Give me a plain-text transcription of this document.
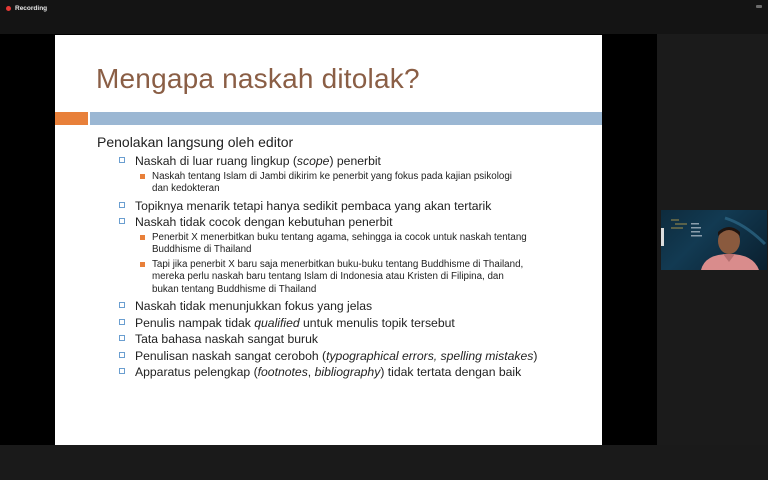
Recording
Mengapa naskah ditolak?
Penolakan langsung oleh editor
Naskah di luar ruang lingkup (scope) penerbit
Naskah tentang Islam di Jambi dikirim ke penerbit yang fokus pada kajian psikologi
dan kedokteran
Topiknya menarik tetapi hanya sedikit pembaca yang akan tertarik
Naskah tidak cocok dengan kebutuhan penerbit
Penerbit X menerbitkan buku tentang agama, sehingga ia cocok untuk naskah tentang
Buddhisme di Thailand
Tapi jika penerbit X baru saja menerbitkan buku-buku tentang Buddhisme di Thailand,
mereka perlu naskah baru tentang Islam di Indonesia atau Kristen di Filipina, dan
bukan tentang Buddhisme di Thailand
Naskah tidak menunjukkan fokus yang jelas
Penulis nampak tidak qualified untuk menulis topik tersebut
Tata bahasa naskah sangat buruk
Penulisan naskah sangat ceroboh (typographical errors, spelling mistakes)
Apparatus pelengkap (footnotes, bibliography) tidak tertata dengan baik
